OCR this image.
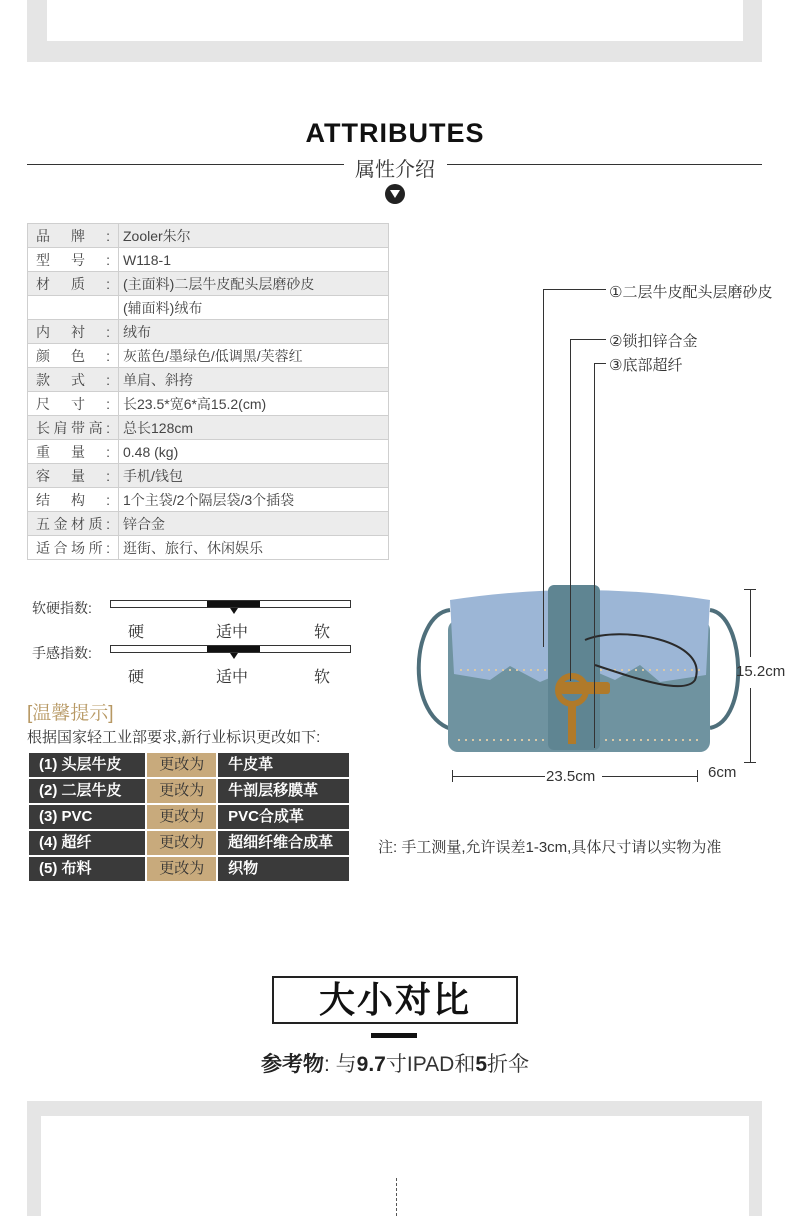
ATTRIBUTES
属性介绍
品牌:	Zooler朱尔
型号:	W118-1
材质:	(主面料)二层牛皮配头层磨砂皮
	(辅面料)绒布
内衬:	绒布
颜色:	灰蓝色/墨绿色/低调黑/芙蓉红
款式:	单肩、斜挎
尺寸:	长23.5*宽6*高15.2(cm)
长肩带高:	总长128cm
重量:	0.48 (kg)
容量:	手机/钱包
结构:	1个主袋/2个隔层袋/3个插袋
五金材质:	锌合金
适合场所:	逛街、旅行、休闲娱乐
软硬指数:
硬	适中	软
手感指数:
硬	适中	软
[温馨提示]
根据国家轻工业部要求,新行业标识更改如下:
(1) 头层牛皮	更改为	牛皮革
(2) 二层牛皮	更改为	牛剖层移膜革
(3) PVC	更改为	PVC合成革
(4) 超纤	更改为	超细纤维合成革
(5) 布料	更改为	织物
①二层牛皮配头层磨砂皮
②锁扣锌合金
③底部超纤
23.5cm	6cm
15.2cm
注: 手工测量,允许误差1-3cm,具体尺寸请以实物为准
大小对比
参考物: 与9.7寸IPAD和5折伞
